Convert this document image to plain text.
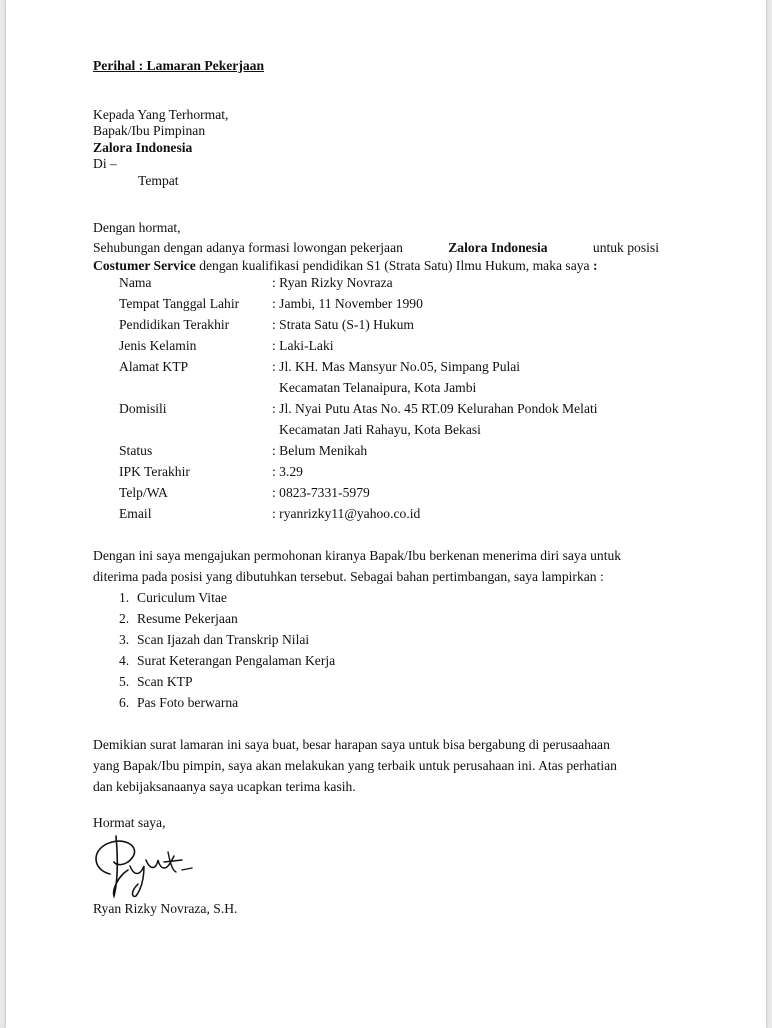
Perihal : Lamaran Pekerjaan
Kepada Yang Terhormat,
Bapak/Ibu Pimpinan
Zalora Indonesia
Di –
Tempat
Dengan hormat,
Sehubungan dengan adanya formasi lowongan pekerjaan	Zalora Indonesia	untuk posisi
Costumer Service dengan kualifikasi pendidikan S1 (Strata Satu) Ilmu Hukum, maka saya :
Nama	: Ryan Rizky Novraza
Tempat Tanggal Lahir : Jambi, 11 November 1990
Pendidikan Terakhir	: Strata Satu (S-1) Hukum
Jenis Kelamin	: Laki-Laki
Alamat KTP	: Jl. KH. Mas Mansyur No.05, Simpang Pulai
Kecamatan Telanaipura, Kota Jambi
Domisili	: Jl. Nyai Putu Atas No. 45 RT.09 Kelurahan Pondok Melati
Kecamatan Jati Rahayu, Kota Bekasi
Status	: Belum Menikah
IPK Terakhir	: 3.29
Telp/WA	: 0823-7331-5979
Email	: ryanrizky11@yahoo.co.id
Dengan ini saya mengajukan permohonan kiranya Bapak/Ibu berkenan menerima diri saya untuk
diterima pada posisi yang dibutuhkan tersebut. Sebagai bahan pertimbangan, saya lampirkan :
1. Curiculum Vitae
2. Resume Pekerjaan
3. Scan Ijazah dan Transkrip Nilai
4. Surat Keterangan Pengalaman Kerja
5. Scan KTP
6. Pas Foto berwarna
Demikian surat lamaran ini saya buat, besar harapan saya untuk bisa bergabung di perusaahaan
yang Bapak/Ibu pimpin, saya akan melakukan yang terbaik untuk perusahaan ini. Atas perhatian
dan kebijaksanaanya saya ucapkan terima kasih.
Hormat saya,
Ryan Rizky Novraza, S.H.
